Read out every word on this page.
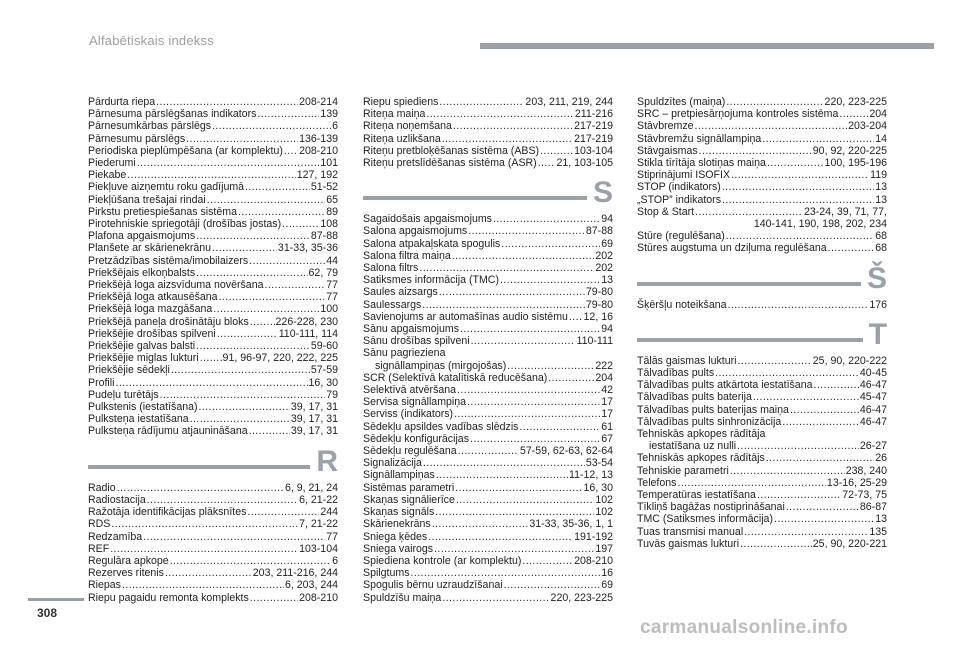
Alfabētiskais indekss
Pārdurta riepa .....	208-214
Pārnesuma pārslēgšanas indikators .....	139
Pārnesumkārbas pārslēgs .....	6
Pārnesumu pārslēgs .....	136-139
Periodiska pieplūmpēšana (ar komplektu) ..... 208-210
Piederumi .....	101
Piekabe .....	127, 192
Piekļuve aizņemtu roku gadījumā .....	51-52
Piekļūšana trešajai rindai .....	65
Pirkstu pretiespiešanas sistēma .....	89
Pirotehniskie spriegotāji (drošības jostas) .....	108
Plafona apgaismojums .....	87-88
Planšete ar skārienekrānu .....	31-33, 35-36
Pretzādzības sistēma/imobilaizers .....	44
Priekšējais elkoņbalsts .....	62, 79
Priekšējā loga aizsvīduma novēršana .....	77
Priekšējā loga atkausēšana .....	77
Priekšējā loga mazgāšana .....	100
Priekšējā paneļa drošinātāju bloks .....	226-228, 230
Priekšējie drošības spilveni .....	110-111, 114
Priekšējie galvas balsti .....	59-60
Priekšējie miglas lukturi ..... 91, 96-97, 220, 222, 225
Priekšējie sēdekļi .....	57-59
Profili .....	16, 30
Pudeļu turētājs .....	79
Pulkstenis (iestatīšana) .....	39, 17, 31
Pulksteņa iestatīšana .....	39, 17, 31
Pulksteņa rādījumu atjaunināšana .....	39, 17, 31
R
Radio .....	6, 9, 21, 24
Radiostacija .....	6, 21-22
Ražotāja identifikācijas plāksnītes .....	244
RDS .....	7, 21-22
Redzamība .....	77
REF .....	103-104
Regulāra apkope .....	6
Rezerves ritenis .....	203, 211-216, 244
Riepas .....	6, 203, 244
Riepu pagaidu remonta komplekts .....	208-210
Riepu spiediens .....	203, 211, 219, 244
Riteņa maiņa .....	211-216
Riteņa noņemšana .....	217-219
Riteņa uzlikšana .....	217-219
Riteņu pretbloķēšanas sistēma (ABS) .....	103-104
Riteņu pretslīdēšanas sistēma (ASR) ..... 21, 103-105
S
Sagaidošais apgaismojums .....	94
Salona apgaismojums .....	87-88
Salona atpakaļskata spogulis .....	69
Salona filtra maiņa .....	202
Salona filtrs .....	202
Satiksmes informācija (TMC) .....	13
Saules aizsargs .....	79-80
Saulessargs .....	79-80
Savienojums ar automašīnas audio sistēmu ..... 12, 16
Sānu apgaismojums .....	94
Sānu drošības spilveni .....	110-111
Sānu pagrieziena
signāllampiņas (mirgojošas) .....	222
SCR (Selektīvā katalītiskā reducēšana) .....	204
Selektīvā atvēršana .....	42
Servisa signāllampiņa .....	17
Serviss (indikators) .....	17
Sēdekļu apsildes vadības slēdzis .....	61
Sēdekļu konfigurācijas .....	67
Sēdekļu regulēšana .....	57-59, 62-63, 62-64
Signalizācija .....	53-54
Signāllampiņas .....	11-12, 13
Sistēmas parametri .....	16, 30
Skaņas signālierīce .....	102
Skaņas signāls .....	102
Skārienekrāns .....	31-33, 35-36, 1, 1
Sniega ķēdes .....	191-192
Sniega vairogs .....	197
Spiediena kontrole (ar komplektu) .....	208-210
Spilgtums .....	16
Spogulis bērnu uzraudzīšanai .....	69
Spuldzīšu maiņa .....	220, 223-225
Spuldzītes (maiņa) .....	220, 223-225
SRC – pretpiesārņojuma kontroles sistēma .....	204
Stāvbremze .....	203-204
Stāvbremžu signāllampiņa .....	14
Stāvgaismas .....	90, 92, 220-225
Stikla tīrītāja slotiņas maiņa .....	100, 195-196
Stiprinājumi ISOFIX .....	119
STOP (indikators) .....	13
„STOP” indikators .....	13
Stop & Start .....	23-24, 39, 71, 77,
140-141, 190, 198, 202, 234
Stūre (regulēšana) .....	68
Stūres augstuma un dziļuma regulēšana .....	68
Š
Šķēršļu noteikšana .....	176
T
Tālās gaismas lukturi .....	25, 90, 220-222
Tālvadības pults .....	40-45
Tālvadības pults atkārtota iestatīšana .....	46-47
Tālvadības pults baterija .....	45-47
Tālvadības pults baterijas maiņa .....	46-47
Tālvadības pults sinhronizācija .....	46-47
Tehniskās apkopes rādītāja
iestatīšana uz nulli .....	26-27
Tehniskās apkopes rādītājs .....	26
Tehniskie parametri .....	238, 240
Telefons .....	13-16, 25-29
Temperatūras iestatīšana .....	72-73, 75
Tīkliņš bagāžas nostiprināšanai .....	86-87
TMC (Satiksmes informācija) .....	13
Tuas transmisi manual .....	135
Tuvās gaismas lukturi .....	25, 90, 220-221
308
carmanualsonline.info
